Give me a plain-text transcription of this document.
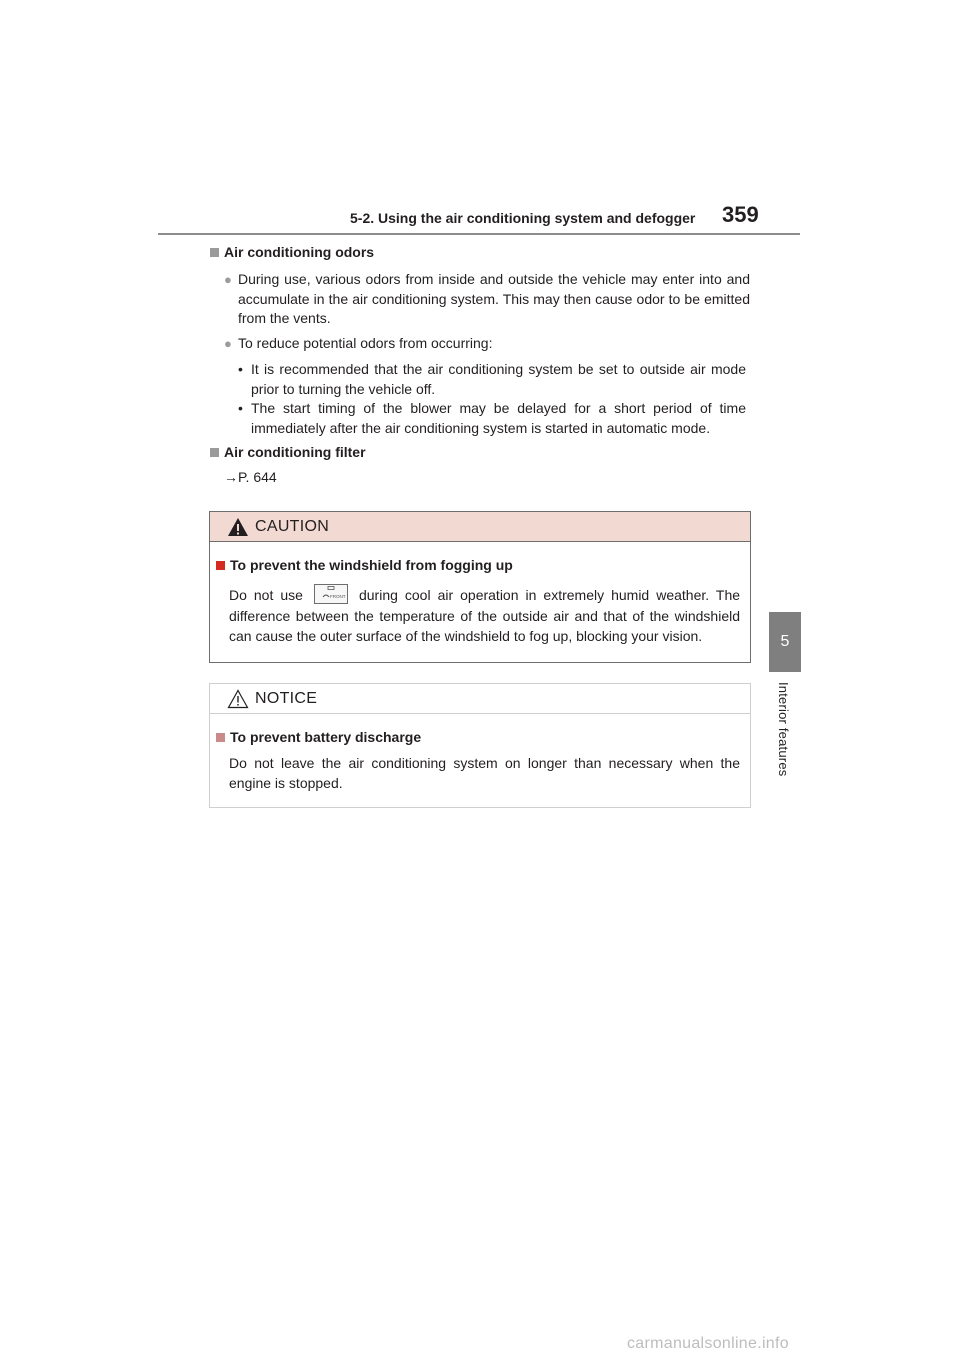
5-2. Using the air conditioning system and defogger 359
5
Interior features
Air conditioning odors
● During use, various odors from inside and outside the vehicle may enter into and accumulate in the air conditioning system. This may then cause odor to be emitted from the vents.
● To reduce potential odors from occurring:
• It is recommended that the air conditioning system be set to outside air mode prior to turning the vehicle off.
• The start timing of the blower may be delayed for a short period of time immediately after the air conditioning system is started in automatic mode.
Air conditioning filter
→P. 644
CAUTION
To prevent the windshield from fogging up
Do not use	FRONT during cool air operation in extremely humid weather. The difference between the temperature of the outside air and that of the windshield can cause the outer surface of the windshield to fog up, blocking your vision.
NOTICE
To prevent battery discharge
Do not leave the air conditioning system on longer than necessary when the engine is stopped.
carmanualsonline.info
